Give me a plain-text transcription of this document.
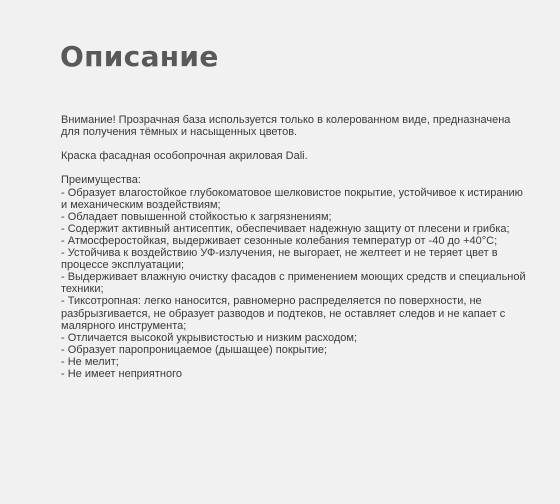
Описание

Внимание! Прозрачная база используется только в колерованном виде, предназначена для получения тёмных и насыщенных цветов.

Краска фасадная особопрочная акриловая Dali.

Преимущества:

- Образует влагостойкое глубокоматовое шелковистое покрытие, устойчивое к истиранию и механическим воздействиям;
- Обладает повышенной стойкостью к загрязнениям;
- Содержит активный антисептик, обеспечивает надежную защиту от плесени и грибка;
- Атмосферостойкая, выдерживает сезонные колебания температур от -40 до +40°С;
- Устойчива к воздействию УФ-излучения, не выгорает, не желтеет и не теряет цвет в процессе эксплуатации;
- Выдерживает влажную очистку фасадов с применением моющих средств и специальной техники;
- Тиксотропная: легко наносится, равномерно распределяется по поверхности, не разбрызгивается, не образует разводов и подтеков, не оставляет следов и не капает с малярного инструмента;
- Отличается высокой укрывистостью и низким расходом;
- Образует паропроницаемое (дышащее) покрытие;
- Не мелит;
- Не имеет неприятного
